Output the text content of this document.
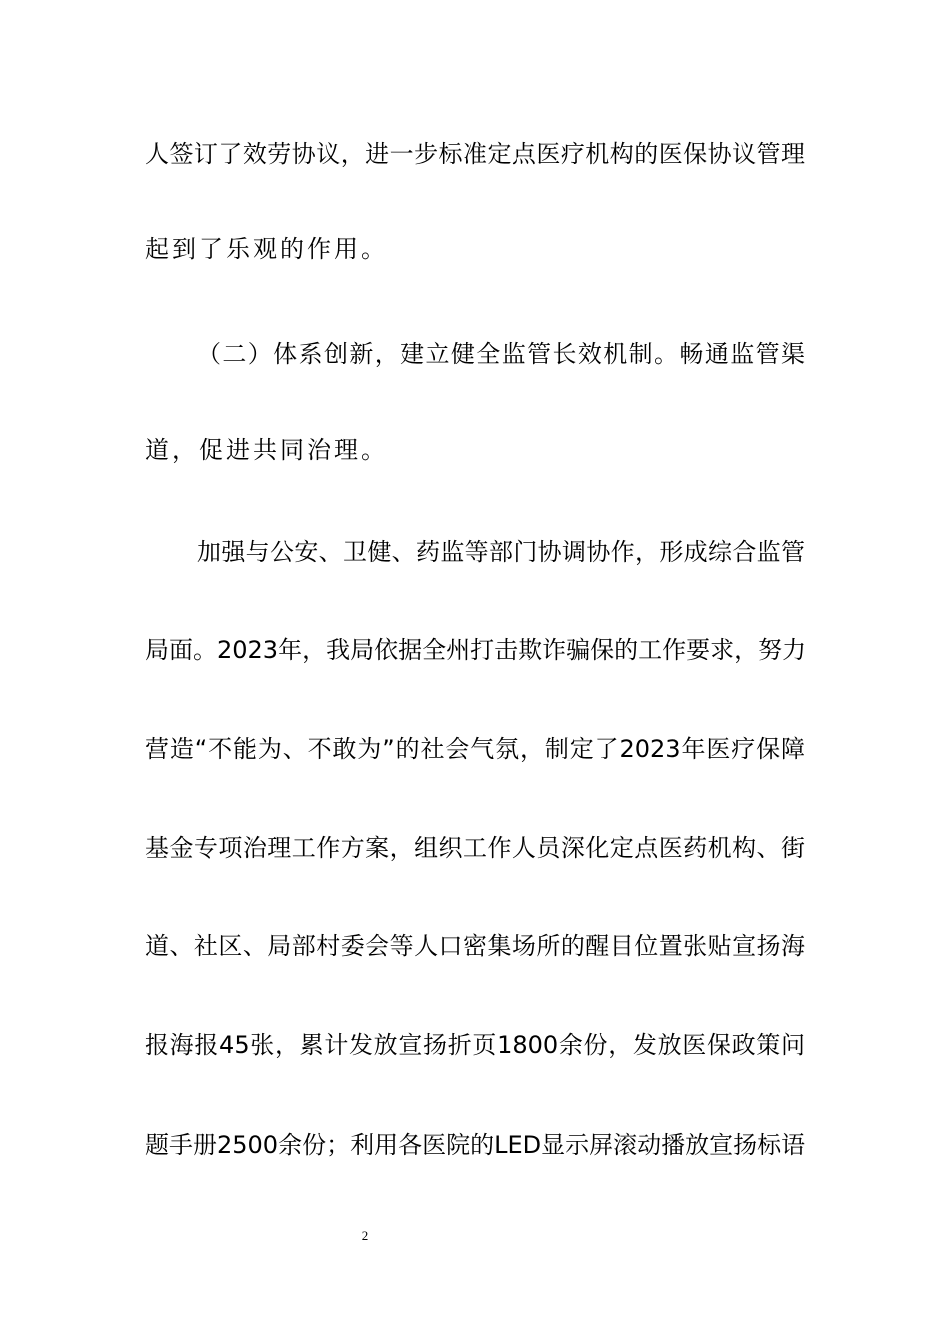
人签订了效劳协议，进一步标准定点医疗机构的医保协议管理
起到了乐观的作用。
（二）体系创新，建立健全监管长效机制。畅通监管渠
道，促进共同治理。
加强与公安、卫健、药监等部门协调协作，形成综合监管
局面。2023年，我局依据全州打击欺诈骗保的工作要求，努力
营造“不能为、不敢为”的社会气氛，制定了2023年医疗保障
基金专项治理工作方案，组织工作人员深化定点医药机构、街
道、社区、局部村委会等人口密集场所的醒目位置张贴宣扬海
报海报45张，累计发放宣扬折页1800余份，发放医保政策问
题手册2500余份；利用各医院的LED显示屏滚动播放宣扬标语
2
